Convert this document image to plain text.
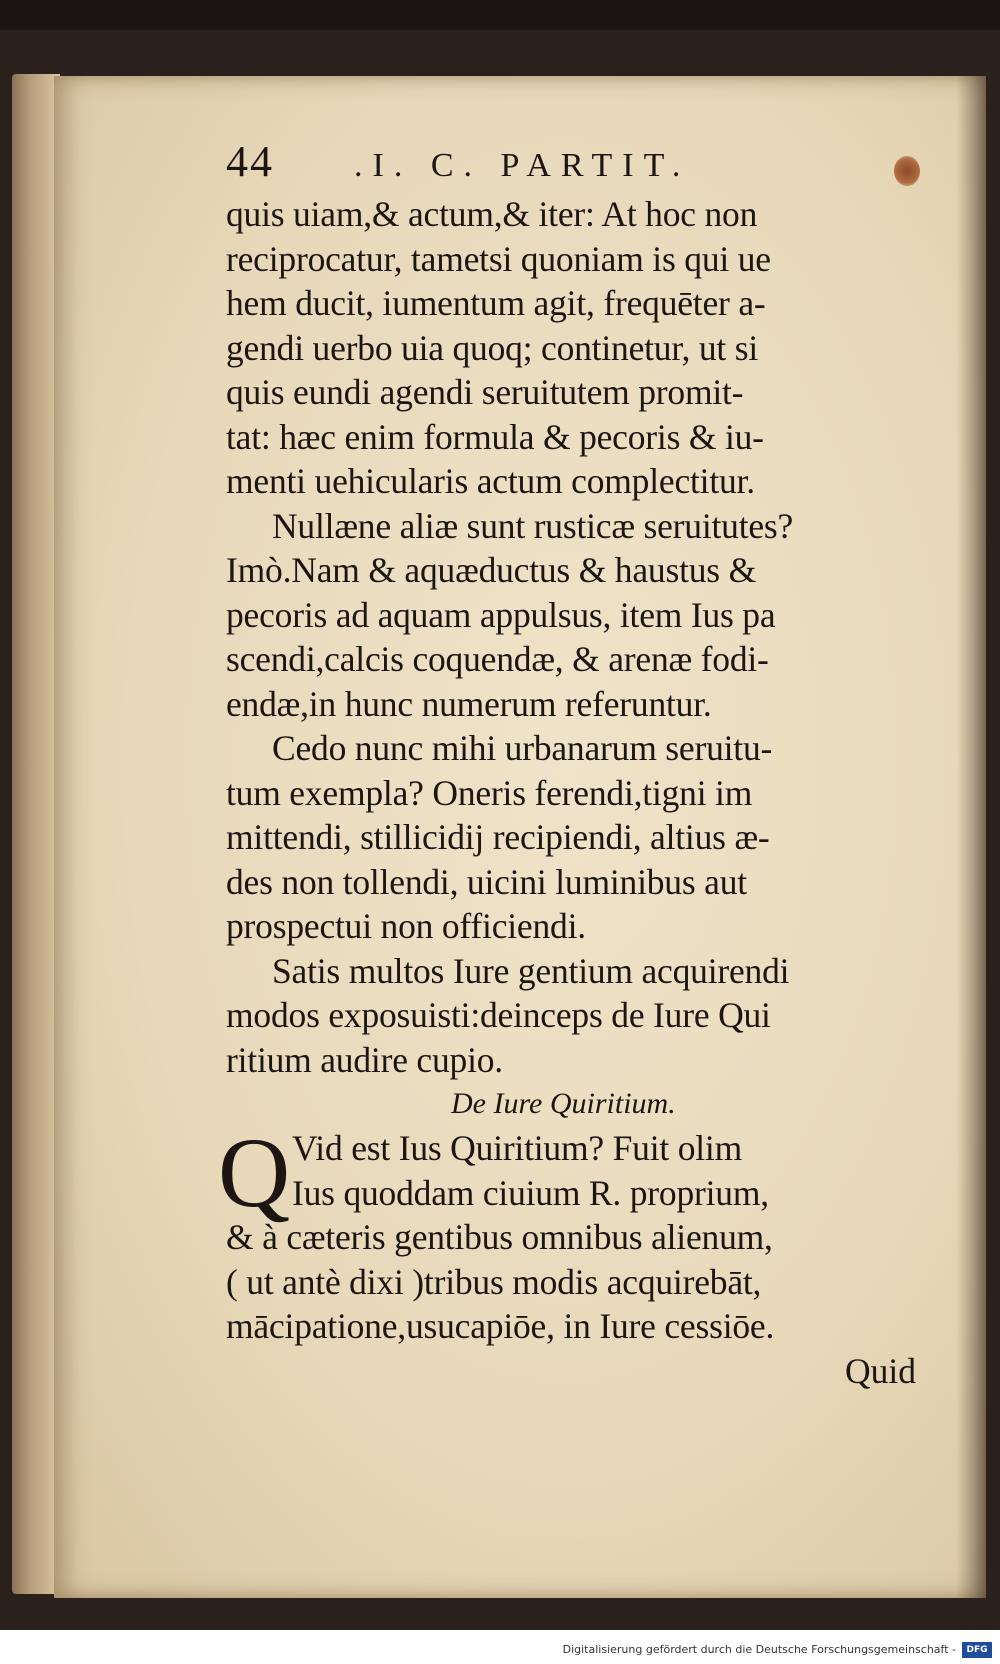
44	.I. C. PARTIT.
quis uiam,& actum,& iter: At hoc non
reciprocatur, tametsi quoniam is qui ue
hem ducit, iumentum agit, frequēter a-
gendi uerbo uia quoq; continetur, ut si
quis eundi agendi seruitutem promit-
tat: hæc enim formula & pecoris & iu-
menti uehicularis actum complectitur.
Nullæne aliæ sunt rusticæ seruitutes?
Imò.Nam & aquæductus & haustus &
pecoris ad aquam appulsus, item Ius pa
scendi,calcis coquendæ, & arenæ fodi-
endæ,in hunc numerum referuntur.
Cedo nunc mihi urbanarum seruitu-
tum exempla? Oneris ferendi,tigni im
mittendi, stillicidij recipiendi, altius æ-
des non tollendi, uicini luminibus aut
prospectui non officiendi.
Satis multos Iure gentium acquirendi
modos exposuisti:deinceps de Iure Qui
ritium audire cupio.
De Iure Quiritium.
Q Vid est Ius Quiritium? Fuit olim
Ius quoddam ciuium R. proprium,
& à cæteris gentibus omnibus alienum,
( ut antè dixi )tribus modis acquirebāt,
mācipatione,usucapiōe, in Iure cessiōe.
Quid
Digitalisierung gefördert durch die Deutsche Forschungsgemeinschaft -	DFG
